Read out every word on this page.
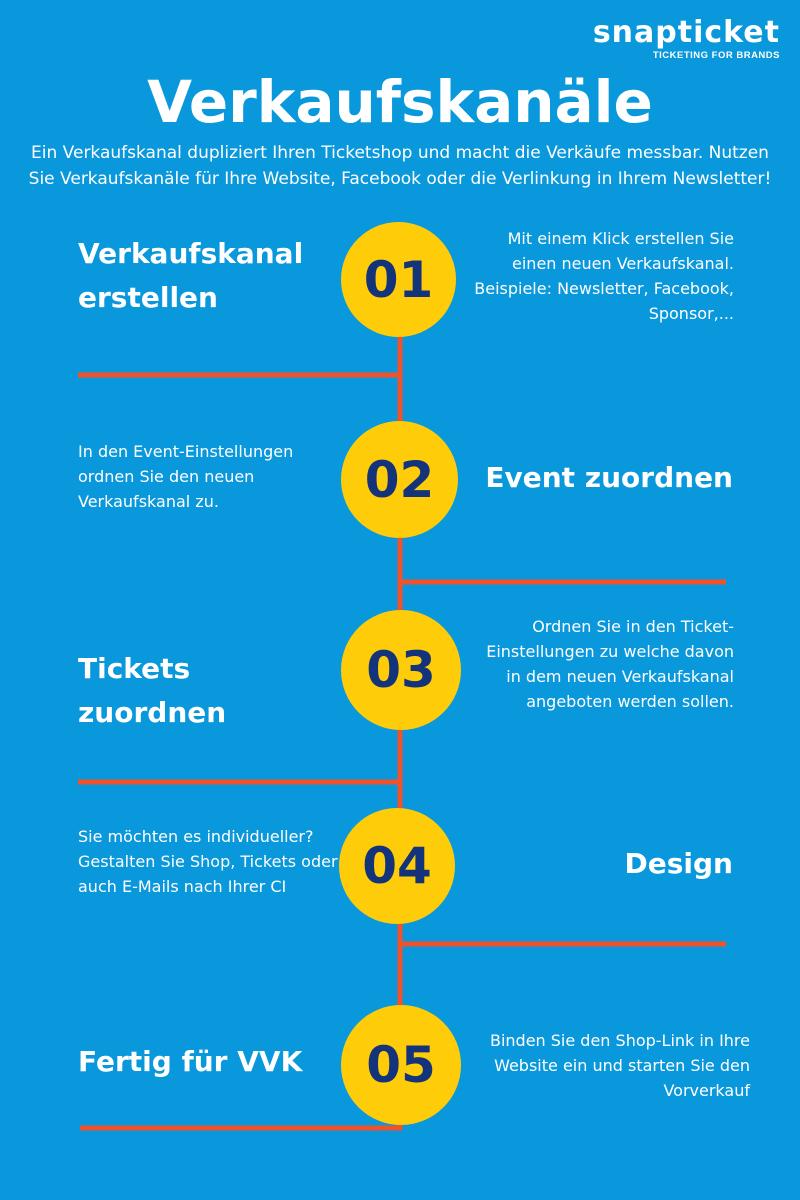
snapticket
TICKETING FOR BRANDS
Verkaufskanäle
Ein Verkaufskanal dupliziert Ihren Ticketshop und macht die Verkäufe messbar. Nutzen Sie Verkaufskanäle für Ihre Website, Facebook oder die Verlinkung in Ihrem Newsletter!
Verkaufskanal erstellen	01
Mit einem Klick erstellen Sie einen neuen Verkaufskanal. Beispiele: Newsletter, Facebook, Sponsor,...
In den Event-Einstellungen ordnen Sie den neuen Verkaufskanal zu.	02	Event zuordnen
Tickets zuordnen
03
Ordnen Sie in den Ticket-Einstellungen zu welche davon in dem neuen Verkaufskanal angeboten werden sollen.
Sie möchten es individueller? Gestalten Sie Shop, Tickets oder auch E-Mails nach Ihrer CI	04	Design
Fertig für VVK	05	Binden Sie den Shop-Link in Ihre Website ein und starten Sie den Vorverkauf
